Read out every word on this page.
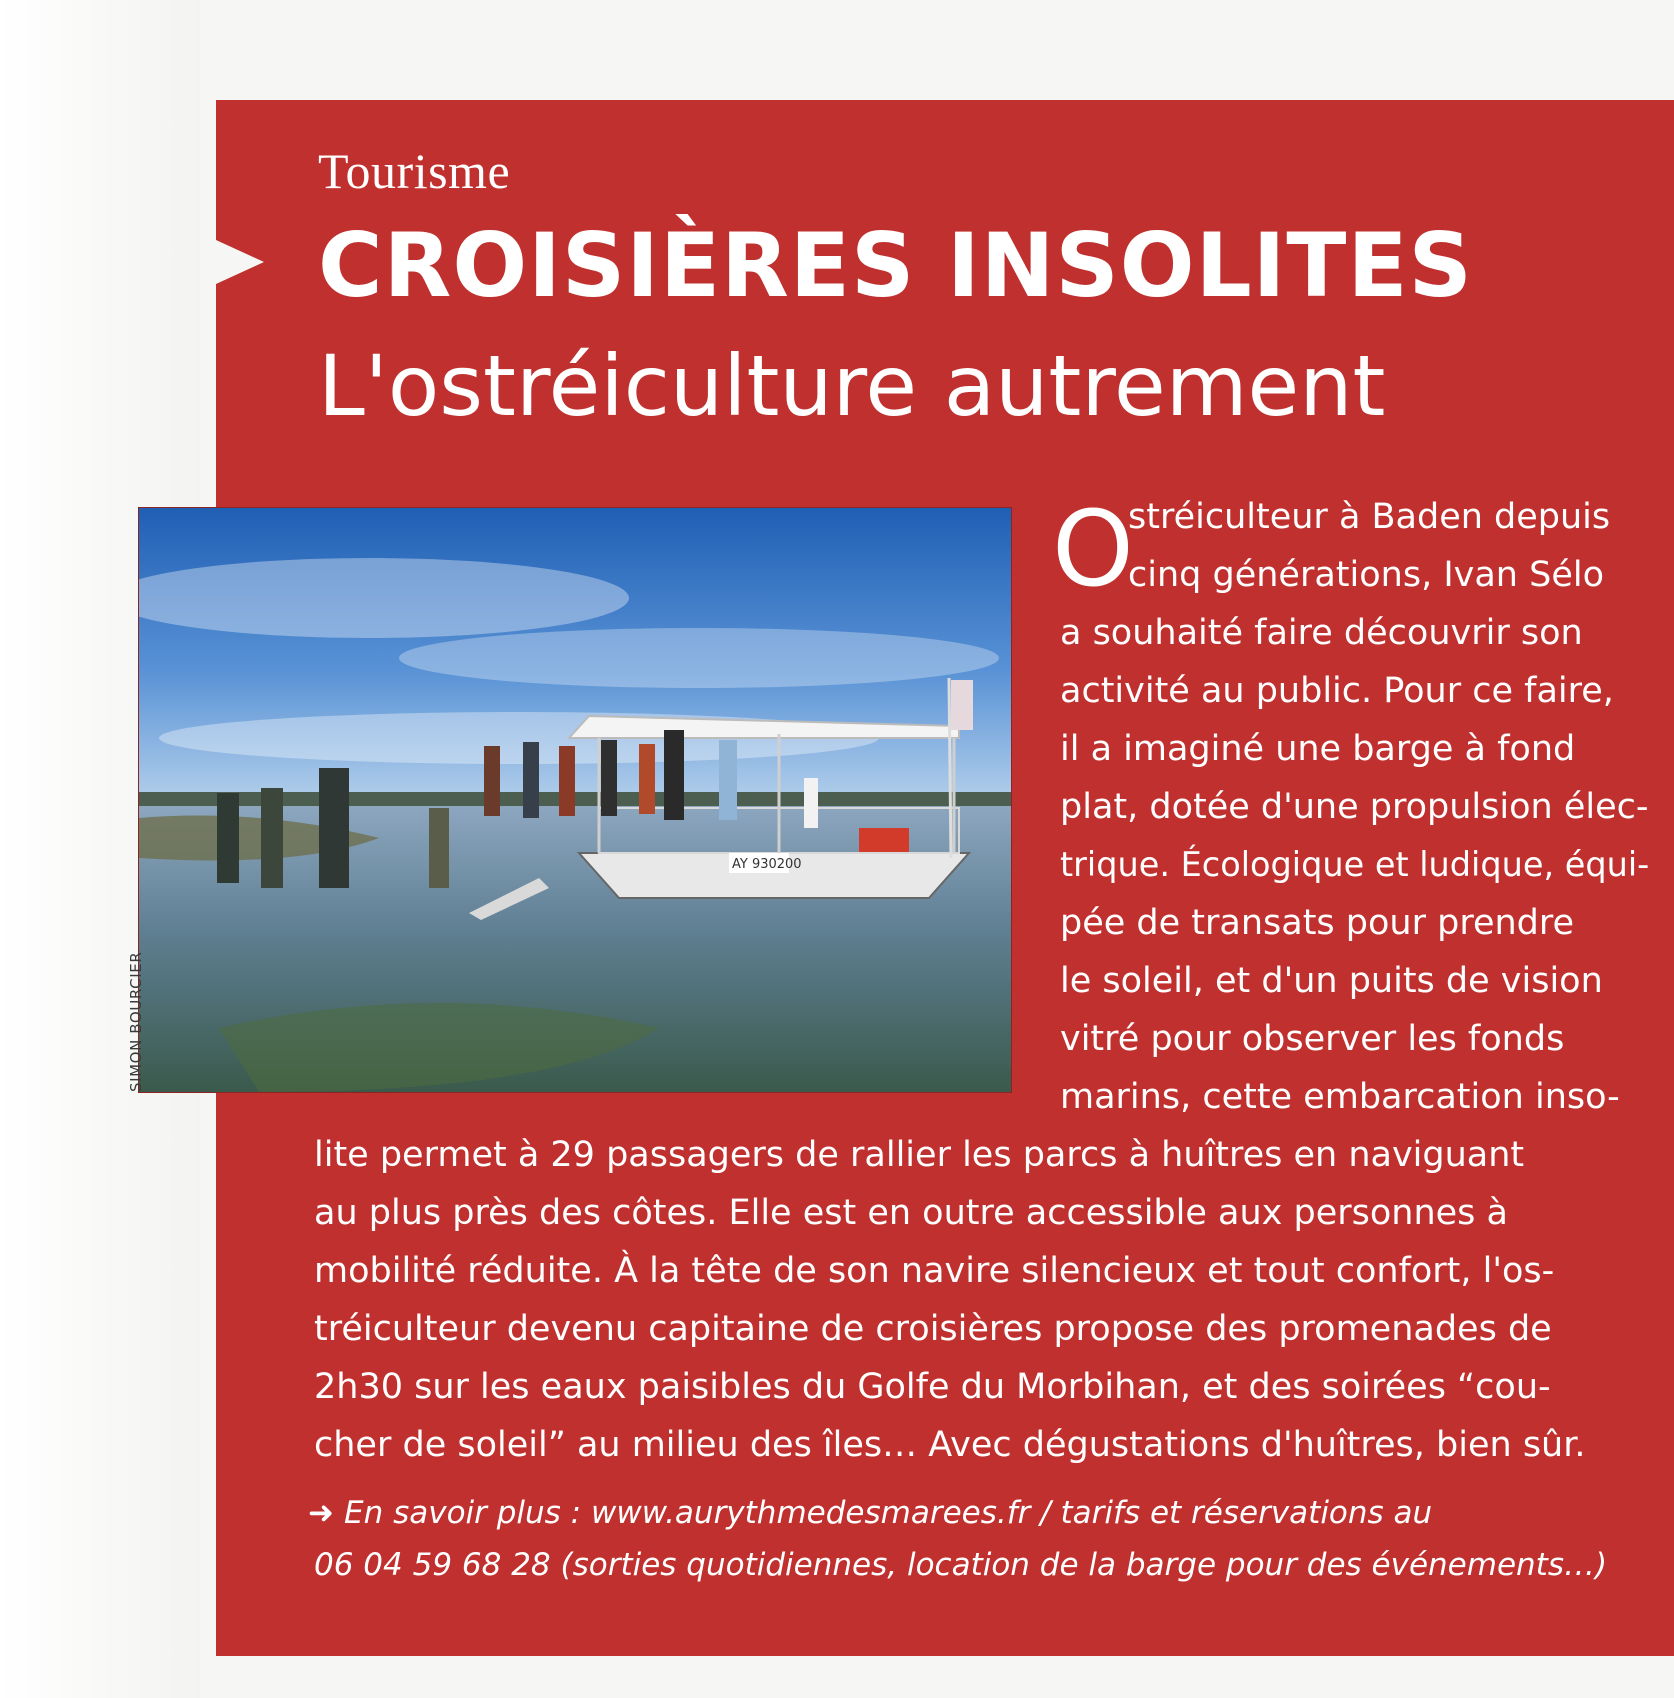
Tourisme
CROISIÈRES INSOLITES
L'ostréiculture autrement
AY 930200
SIMON BOURCIER
O
stréiculteur à Baden depuis
cinq générations, Ivan Sélo
a souhaité faire découvrir son
activité au public. Pour ce faire,
il a imaginé une barge à fond
plat, dotée d'une propulsion élec-
trique. Écologique et ludique, équi-
pée de transats pour prendre
le soleil, et d'un puits de vision
vitré pour observer les fonds
marins, cette embarcation inso-
lite permet à 29 passagers de rallier les parcs à huîtres en naviguant
au plus près des côtes. Elle est en outre accessible aux personnes à
mobilité réduite. À la tête de son navire silencieux et tout confort, l'os-
tréiculteur devenu capitaine de croisières propose des promenades de
2h30 sur les eaux paisibles du Golfe du Morbihan, et des soirées “cou-
cher de soleil” au milieu des îles… Avec dégustations d'huîtres, bien sûr.
➜ En savoir plus : www.aurythmedesmarees.fr / tarifs et réservations au
06 04 59 68 28 (sorties quotidiennes, location de la barge pour des événements…)
